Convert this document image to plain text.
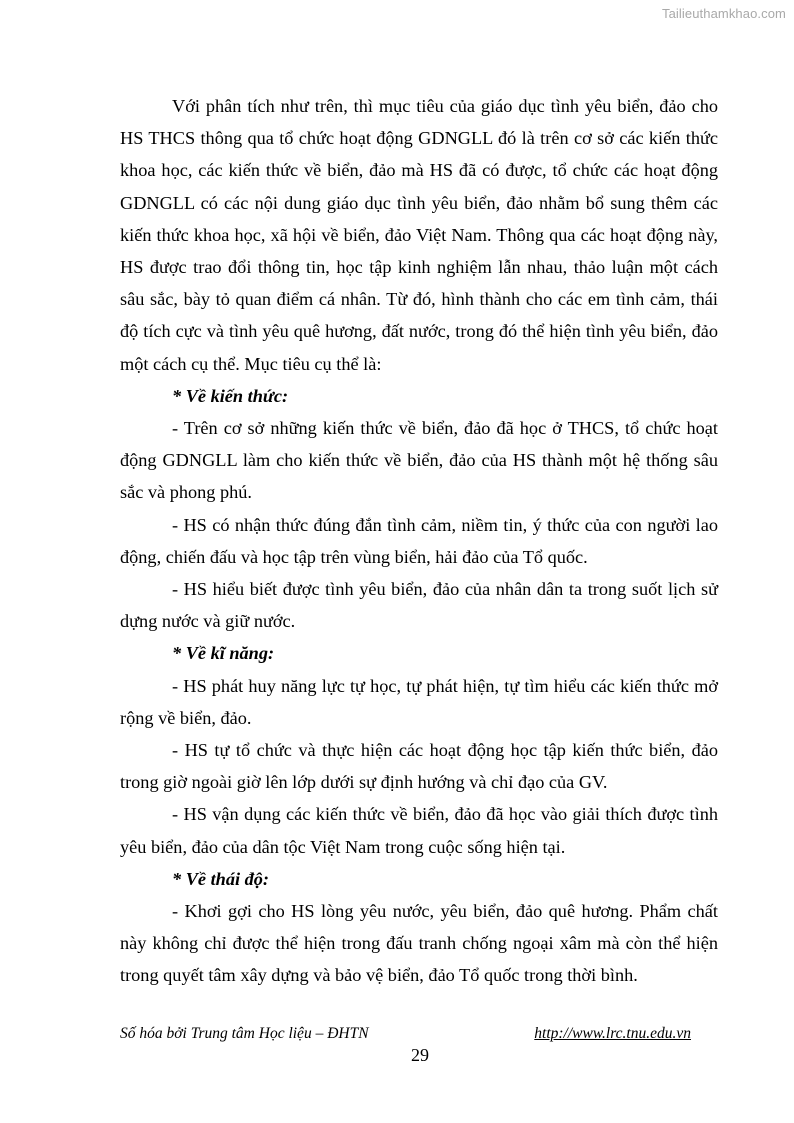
Tailieuthamkhao.com

Với phân tích như trên, thì mục tiêu của giáo dục tình yêu biển, đảo cho HS THCS thông qua tổ chức hoạt động GDNGLL đó là trên cơ sở các kiến thức khoa học, các kiến thức về biển, đảo mà HS đã có được, tổ chức các hoạt động GDNGLL có các nội dung giáo dục tình yêu biển, đảo nhằm bổ sung thêm các kiến thức khoa học, xã hội về biển, đảo Việt Nam. Thông qua các hoạt động này, HS được trao đổi thông tin, học tập kinh nghiệm lẫn nhau, thảo luận một cách sâu sắc, bày tỏ quan điểm cá nhân. Từ đó, hình thành cho các em tình cảm, thái độ tích cực và tình yêu quê hương, đất nước, trong đó thể hiện tình yêu biển, đảo một cách cụ thể. Mục tiêu cụ thể là:

* Về kiến thức:

- Trên cơ sở những kiến thức về biển, đảo đã học ở THCS, tổ chức hoạt động GDNGLL làm cho kiến thức về biển, đảo của HS thành một hệ thống sâu sắc và phong phú.

- HS có nhận thức đúng đắn tình cảm, niềm tin, ý thức của con người lao động, chiến đấu và học tập trên vùng biển, hải đảo của Tổ quốc.

- HS hiểu biết được tình yêu biển, đảo của nhân dân ta trong suốt lịch sử dựng nước và giữ nước.

* Về kĩ năng:

- HS phát huy năng lực tự học, tự phát hiện, tự tìm hiểu các kiến thức mở rộng về biển, đảo.

- HS tự tổ chức và thực hiện các hoạt động học tập kiến thức biển, đảo trong giờ ngoài giờ lên lớp dưới sự định hướng và chỉ đạo của GV.

- HS vận dụng các kiến thức về biển, đảo đã học vào giải thích được tình yêu biển, đảo của dân tộc Việt Nam trong cuộc sống hiện tại.

* Về thái độ:

- Khơi gợi cho HS lòng yêu nước, yêu biển, đảo quê hương. Phẩm chất này không chỉ được thể hiện trong đấu tranh chống ngoại xâm mà còn thể hiện trong quyết tâm xây dựng và bảo vệ biển, đảo Tổ quốc trong thời bình.

Số hóa bởi Trung tâm Học liệu – ĐHTN	http://www.lrc.tnu.edu.vn
29
